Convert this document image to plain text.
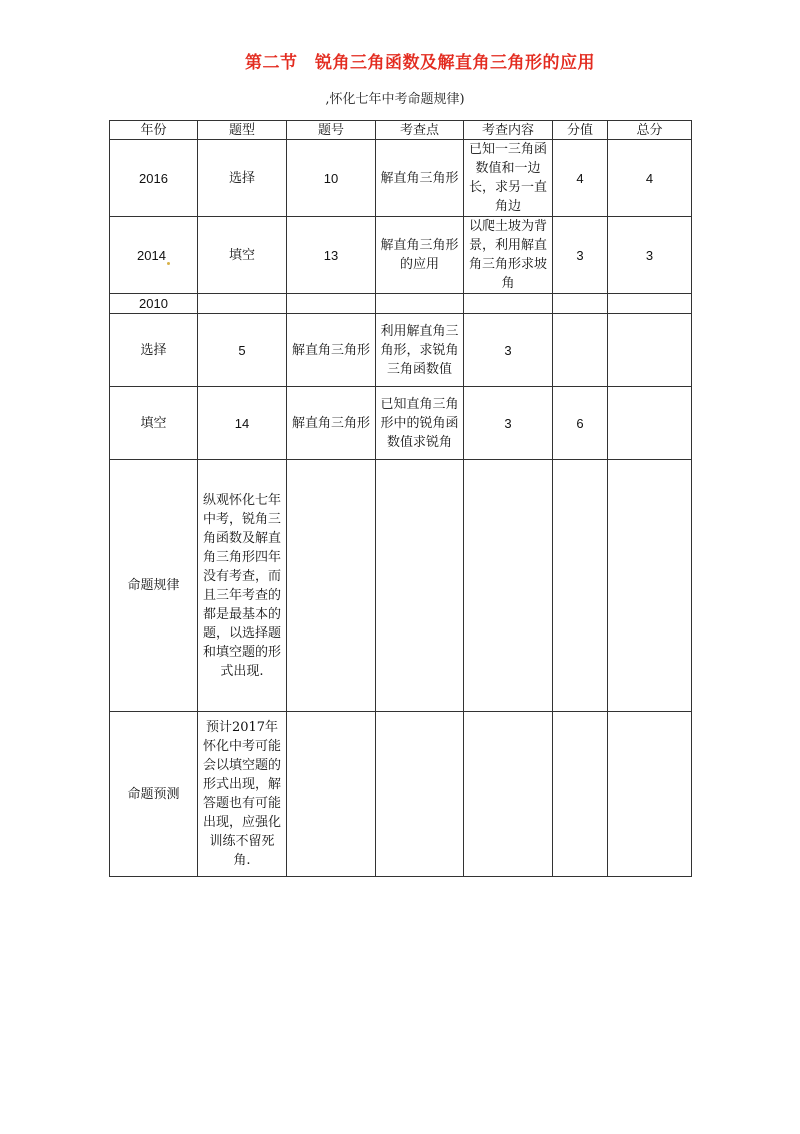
第二节　锐角三角函数及解直角三角形的应用
,怀化七年中考命题规律)
年份	题型	题号	考查点	考查内容	分值	总分
2016	选择	10	解直角三角形	已知一三角函数值和一边长，求另一直角边	4	4
2014	填空	13	解直角三角形的应用	以爬土坡为背景，利用解直角三角形求坡角	3	3
2010						
选择	5	解直角三角形	利用解直角三角形，求锐角三角函数值	3		
填空	14	解直角三角形	已知直角三角形中的锐角函数值求锐角	3	6	
命题规律	纵观怀化七年中考，锐角三角函数及解直角三角形四年没有考查，而且三年考查的都是最基本的题，以选择题和填空题的形式出现.					
命题预测	预计2017年怀化中考可能会以填空题的形式出现，解答题也有可能出现，应强化训练不留死角.					
